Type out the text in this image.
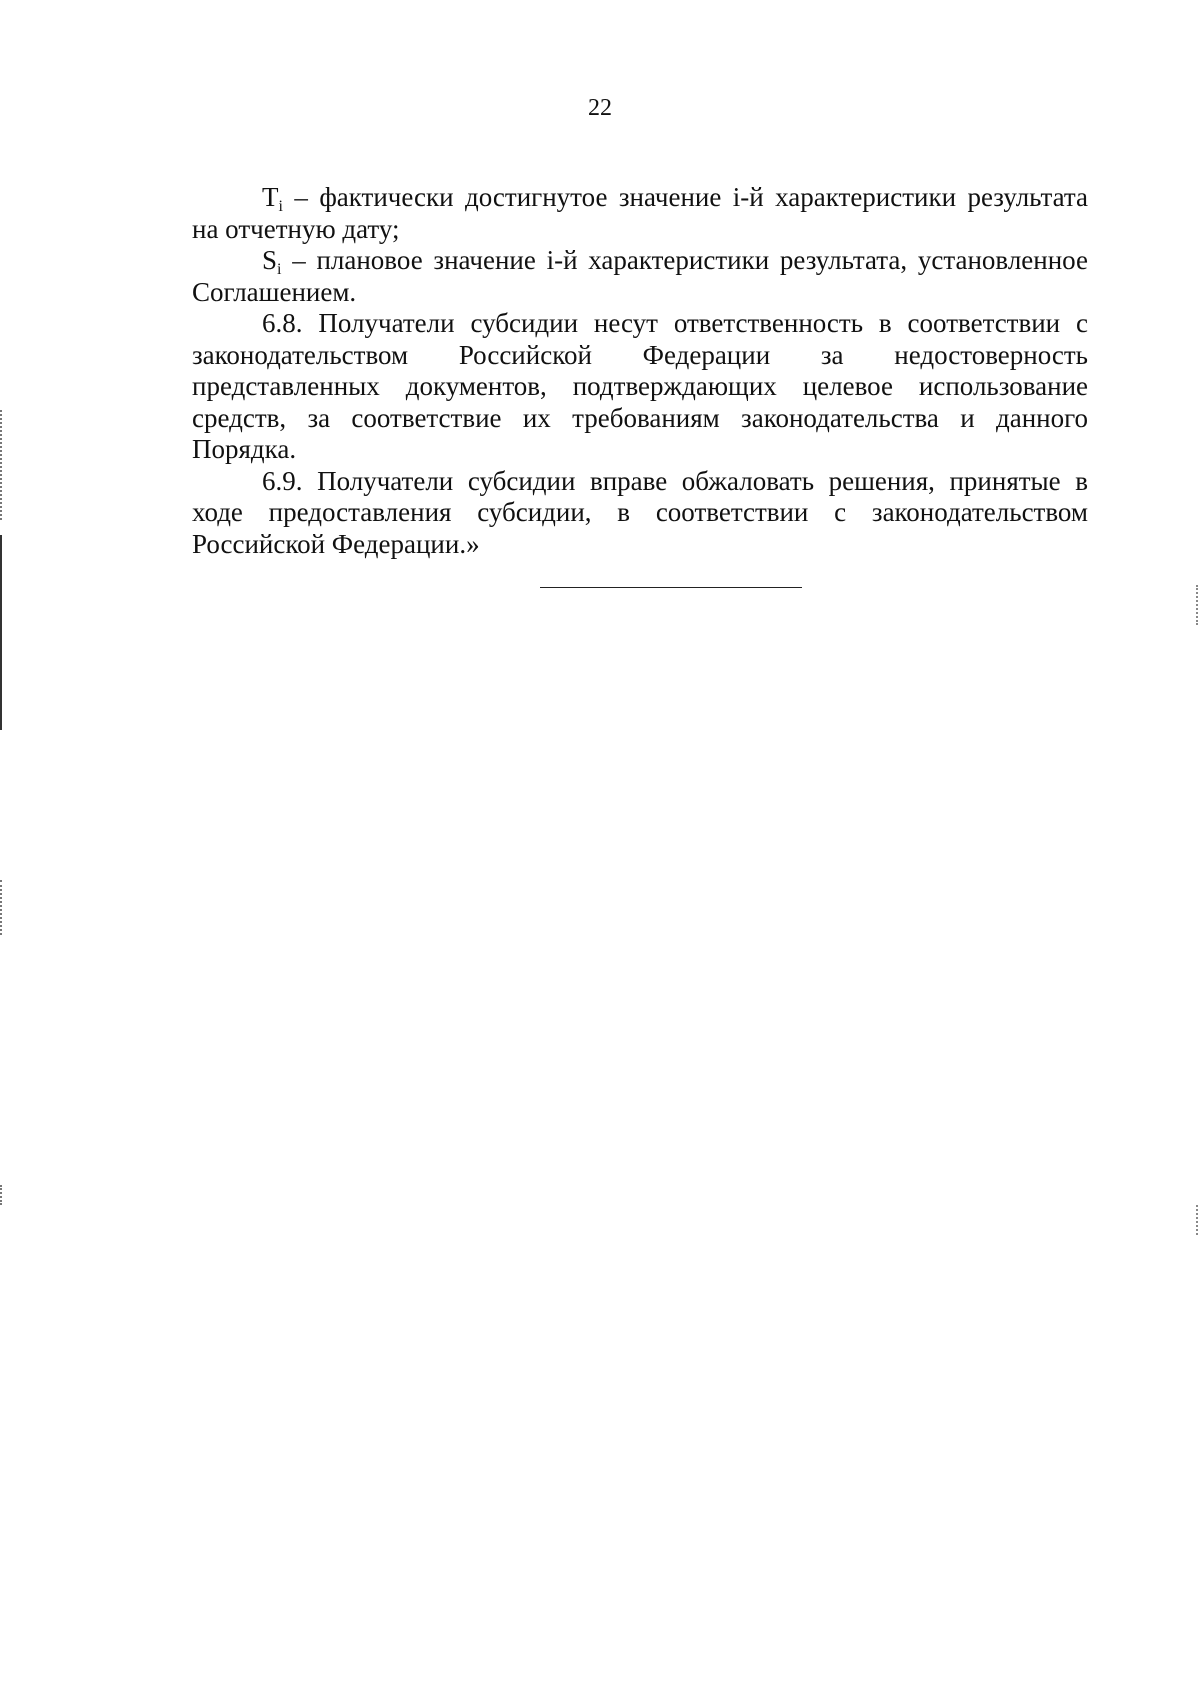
22

$T_i$ – фактически достигнутое значение i-й характеристики результата на отчетную дату;

$S_i$ – плановое значение i-й характеристики результата, установленное Соглашением.

6.8. Получатели субсидии несут ответственность в соответствии с законодательством Российской Федерации за недостоверность представленных документов, подтверждающих целевое использование средств, за соответствие их требованиям законодательства и данного Порядка.

6.9. Получатели субсидии вправе обжаловать решения, принятые в ходе предоставления субсидии, в соответствии с законодательством Российской Федерации.»
